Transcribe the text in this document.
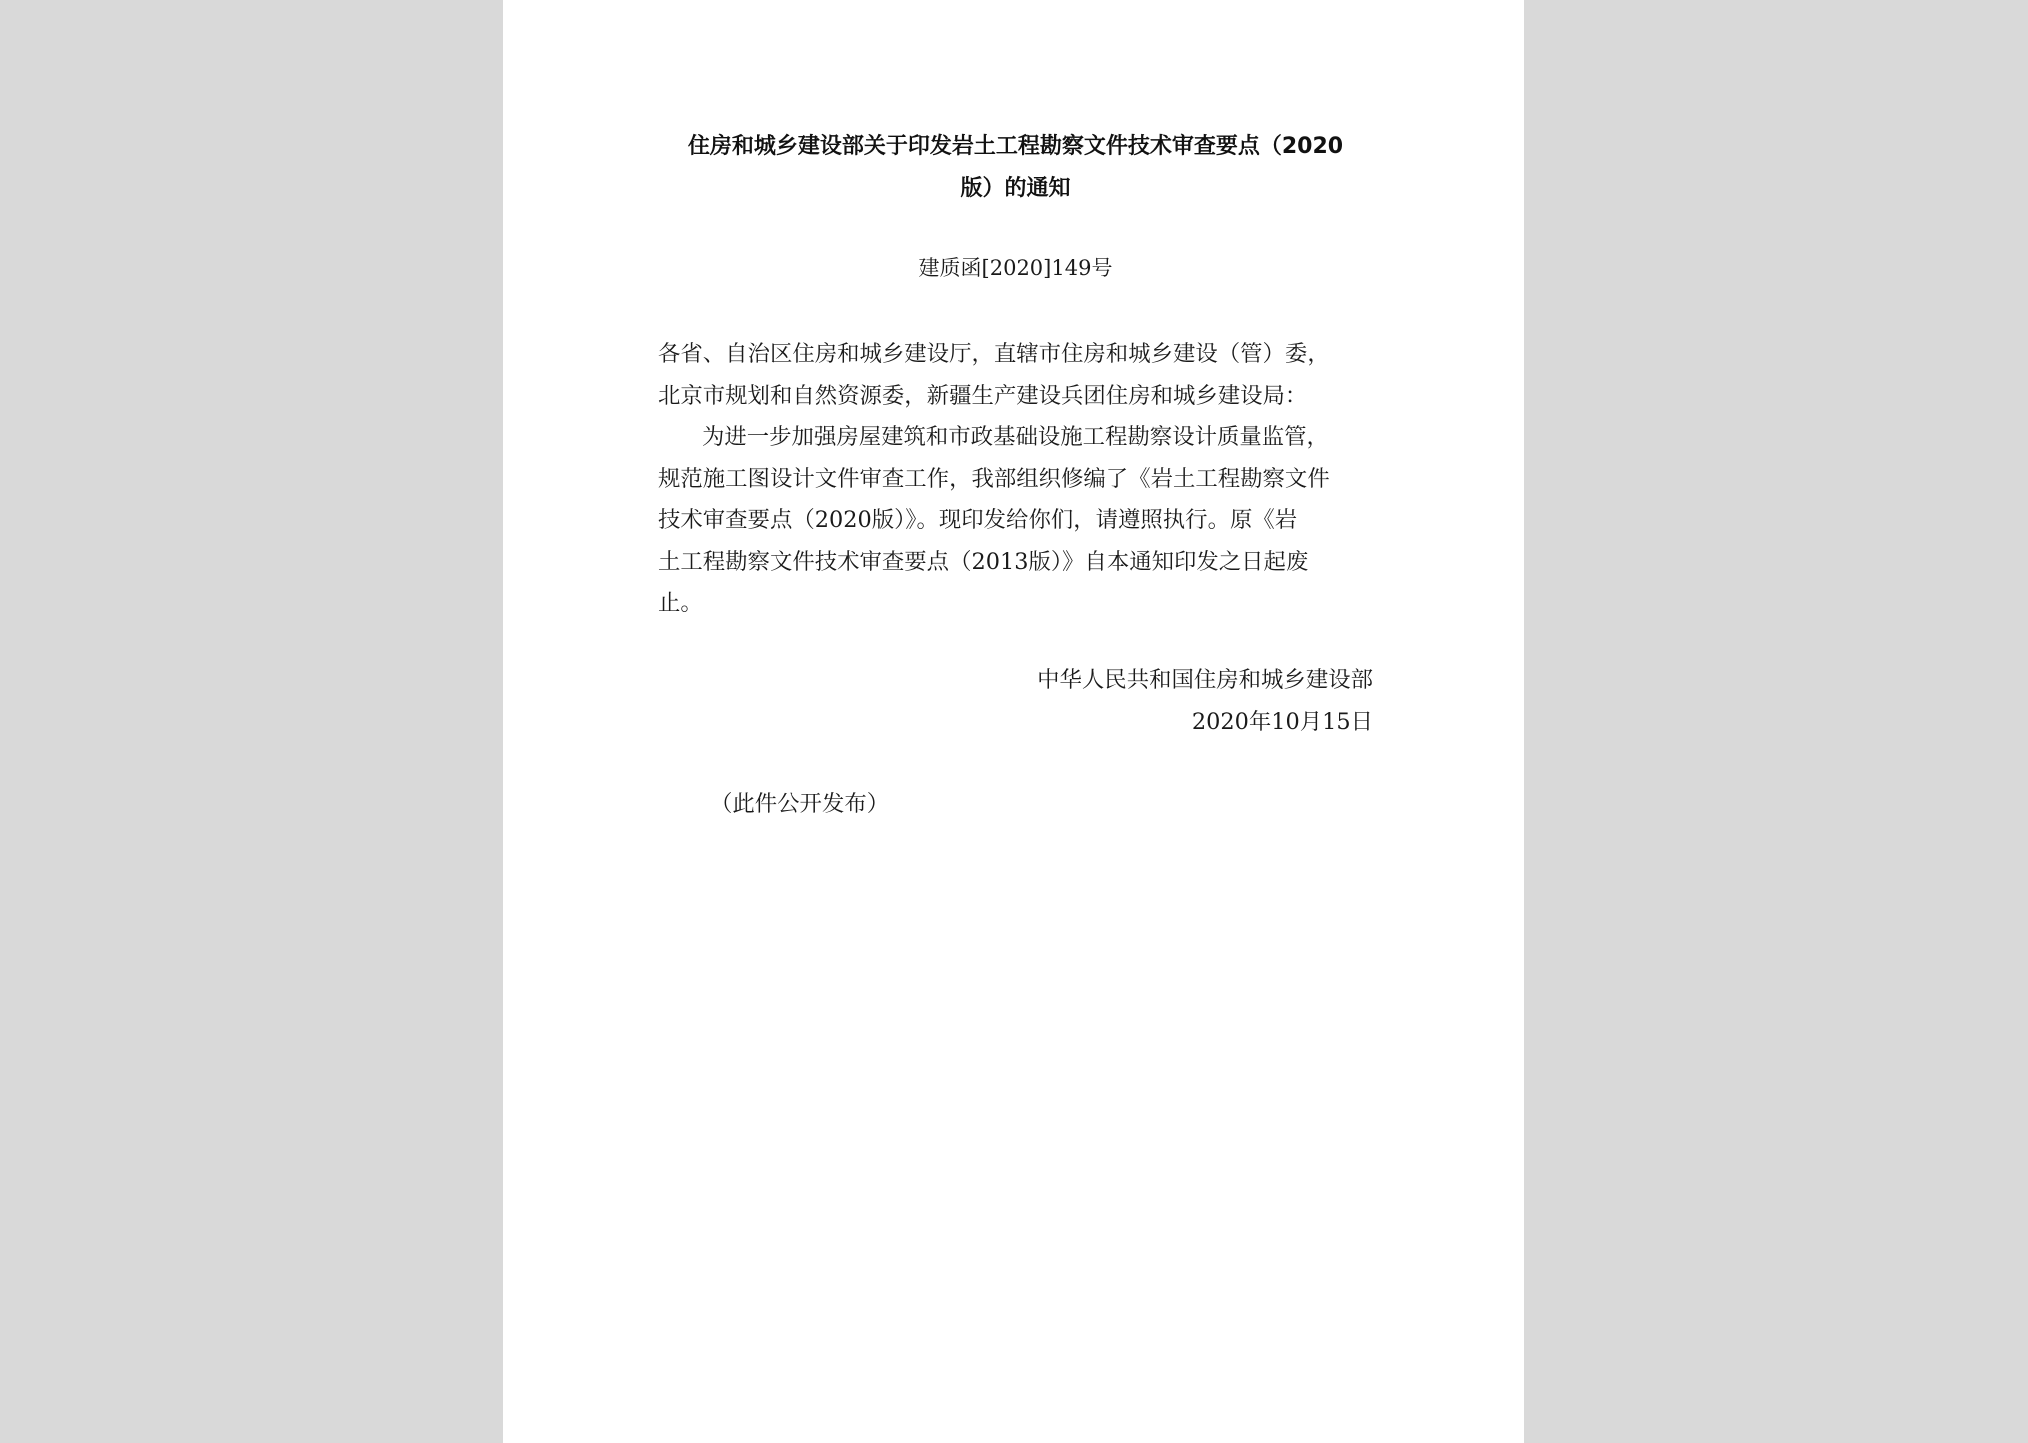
住房和城乡建设部关于印发岩土工程勘察文件技术审查要点（2020
版）的通知
建质函[2020]149号
各省、自治区住房和城乡建设厅，直辖市住房和城乡建设（管）委，
北京市规划和自然资源委，新疆生产建设兵团住房和城乡建设局：
为进一步加强房屋建筑和市政基础设施工程勘察设计质量监管，
规范施工图设计文件审查工作，我部组织修编了《岩土工程勘察文件
技术审查要点（2020版）》。现印发给你们，请遵照执行。原《岩
土工程勘察文件技术审查要点（2013版）》自本通知印发之日起废
止。
中华人民共和国住房和城乡建设部
2020年10月15日
（此件公开发布）
